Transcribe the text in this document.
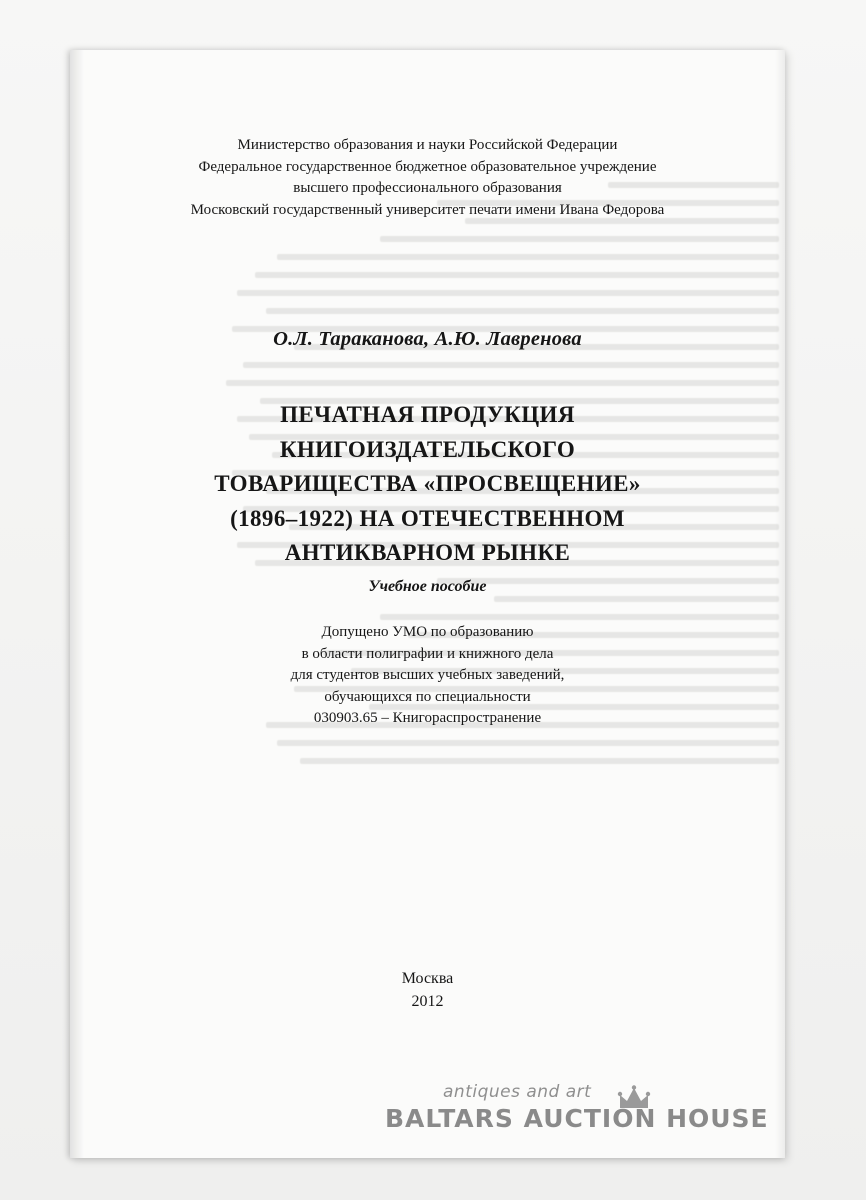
Министерство образования и науки Российской Федерации
Федеральное государственное бюджетное образовательное учреждение
высшего профессионального образования
Московский государственный университет печати имени Ивана Федорова
О.Л. Тараканова, А.Ю. Лавренова
ПЕЧАТНАЯ ПРОДУКЦИЯ
КНИГОИЗДАТЕЛЬСКОГО
ТОВАРИЩЕСТВА «ПРОСВЕЩЕНИЕ»
(1896–1922) НА ОТЕЧЕСТВЕННОМ
АНТИКВАРНОМ РЫНКЕ
Учебное пособие
Допущено УМО по образованию
в области полиграфии и книжного дела
для студентов высших учебных заведений,
обучающихся по специальности
030903.65 – Книгораспространение
Москва
2012
antiques and art
BALTARS AUCTION HOUSE
